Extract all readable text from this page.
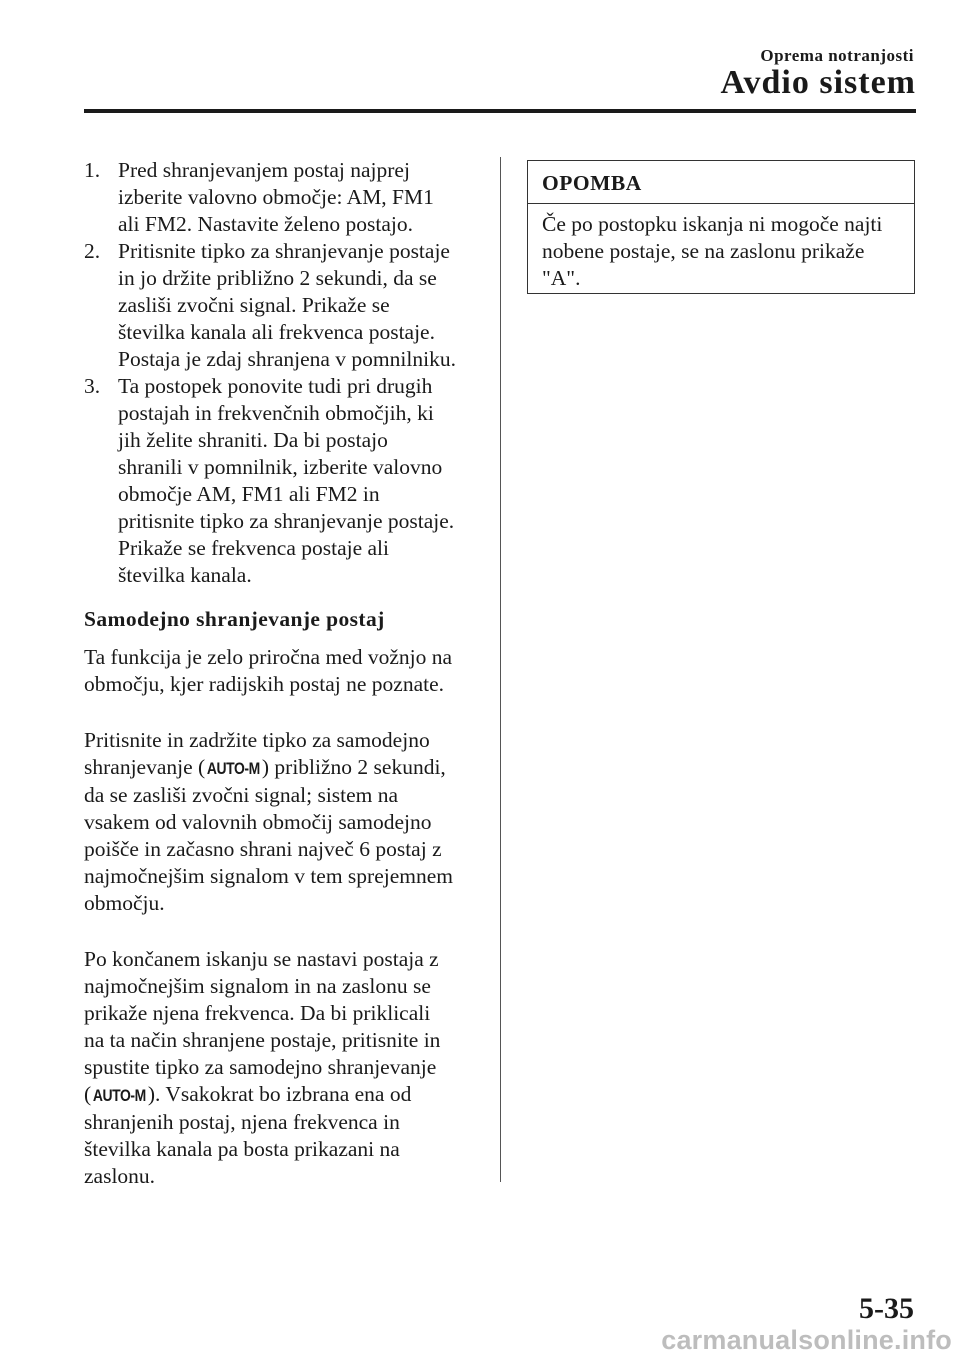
Oprema notranjosti
Avdio sistem
1. Pred shranjevanjem postaj najprej
izberite valovno območje: AM, FM1
ali FM2. Nastavite želeno postajo.
2. Pritisnite tipko za shranjevanje postaje
in jo držite približno 2 sekundi, da se
zasliši zvočni signal. Prikaže se
številka kanala ali frekvenca postaje.
Postaja je zdaj shranjena v pomnilniku.
3. Ta postopek ponovite tudi pri drugih
postajah in frekvenčnih območjih, ki
jih želite shraniti. Da bi postajo
shranili v pomnilnik, izberite valovno
območje AM, FM1 ali FM2 in
pritisnite tipko za shranjevanje postaje.
Prikaže se frekvenca postaje ali
številka kanala.
Samodejno shranjevanje postaj
Ta funkcija je zelo priročna med vožnjo na
območju, kjer radijskih postaj ne poznate.
Pritisnite in zadržite tipko za samodejno
shranjevanje ( AUTO-M) približno 2 sekundi,
da se zasliši zvočni signal; sistem na
vsakem od valovnih območij samodejno
poišče in začasno shrani največ 6 postaj z
najmočnejšim signalom v tem sprejemnem
območju.
Po končanem iskanju se nastavi postaja z
najmočnejšim signalom in na zaslonu se
prikaže njena frekvenca. Da bi priklicali
na ta način shranjene postaje, pritisnite in
spustite tipko za samodejno shranjevanje
( AUTO-M). Vsakokrat bo izbrana ena od
shranjenih postaj, njena frekvenca in
številka kanala pa bosta prikazani na
zaslonu.
OPOMBA
Če po postopku iskanja ni mogoče najti
nobene postaje, se na zaslonu prikaže
"A".
5-35
carmanualsonline.info
